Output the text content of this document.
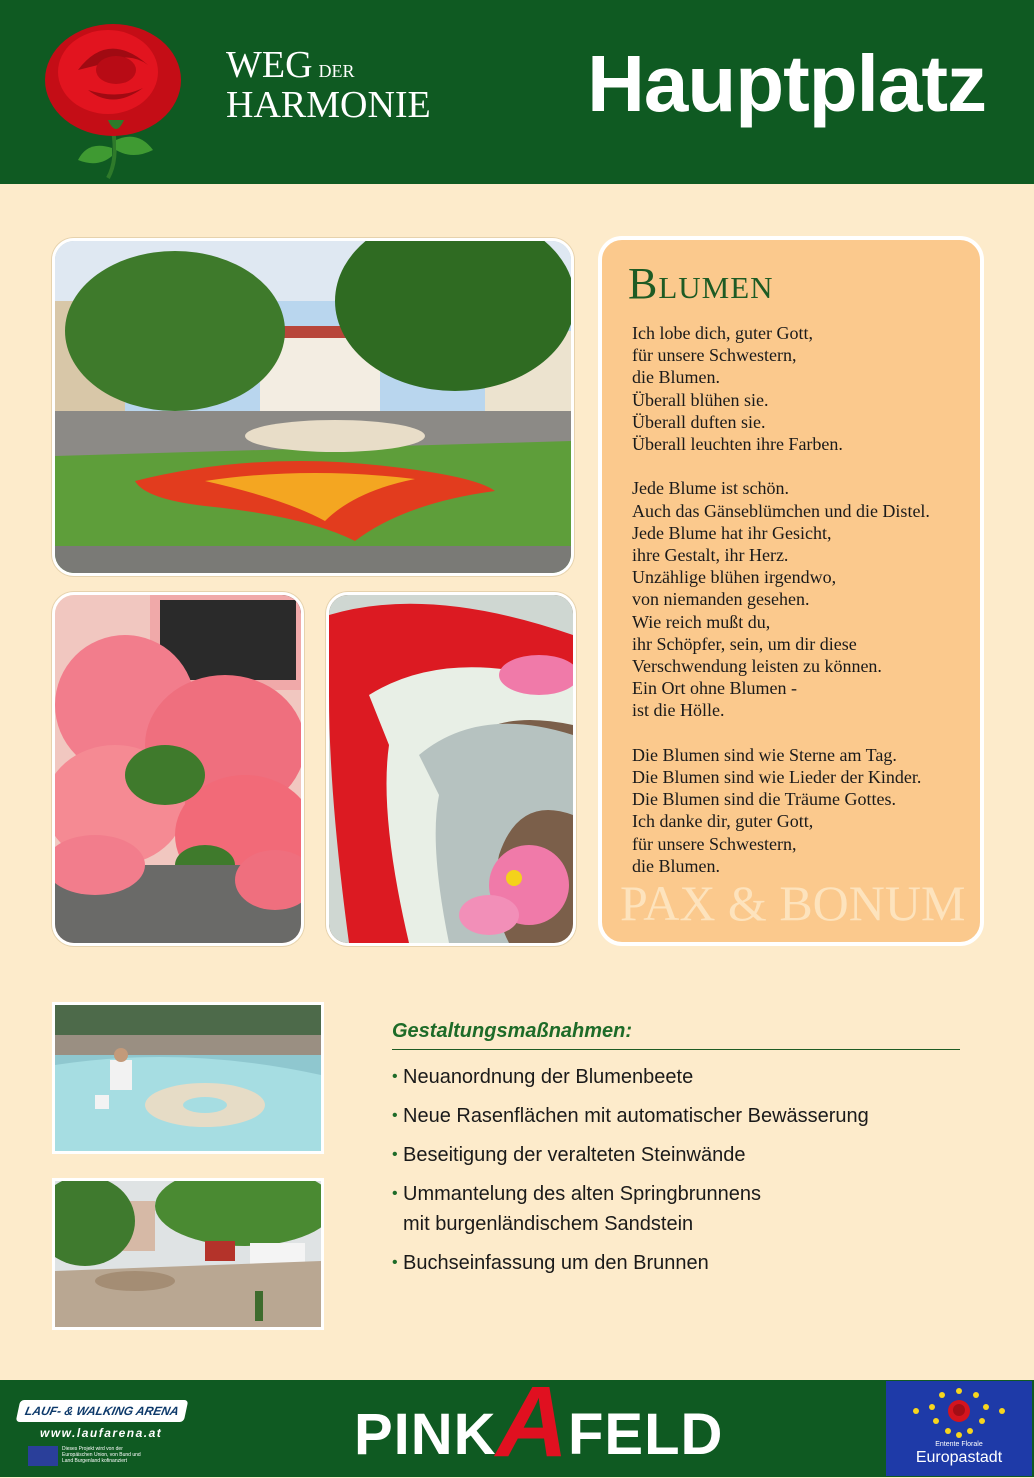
WEG DER
HARMONIE Hauptplatz
Blumen
Ich lobe dich, guter Gott,
für unsere Schwestern,
die Blumen.
Überall blühen sie.
Überall duften sie.
Überall leuchten ihre Farben.

Jede Blume ist schön.
Auch das Gänseblümchen und die Distel.
Jede Blume hat ihr Gesicht,
ihre Gestalt, ihr Herz.
Unzählige blühen irgendwo,
von niemanden gesehen.
Wie reich mußt du,
ihr Schöpfer, sein, um dir diese
Verschwendung leisten zu können.
Ein Ort ohne Blumen -
ist die Hölle.

Die Blumen sind wie Sterne am Tag.
Die Blumen sind wie Lieder der Kinder.
Die Blumen sind die Träume Gottes.
Ich danke dir, guter Gott,
für unsere Schwestern,
die Blumen.
PAX & BONUM
Gestaltungsmaßnahmen:
• Neuanordnung der Blumenbeete
• Neue Rasenflächen mit automatischer Bewässerung
• Beseitigung der veralteten Steinwände
• Ummantelung des alten Springbrunnens
mit burgenländischem Sandstein
• Buchseinfassung um den Brunnen
LAUF- & WALKING ARENA
www.laufarena.at
Dieses Projekt wird von der Europäischen Union, von Bund und Land Burgenland kofinanziert	PINK A FELD	Entente Florale
Europastadt
